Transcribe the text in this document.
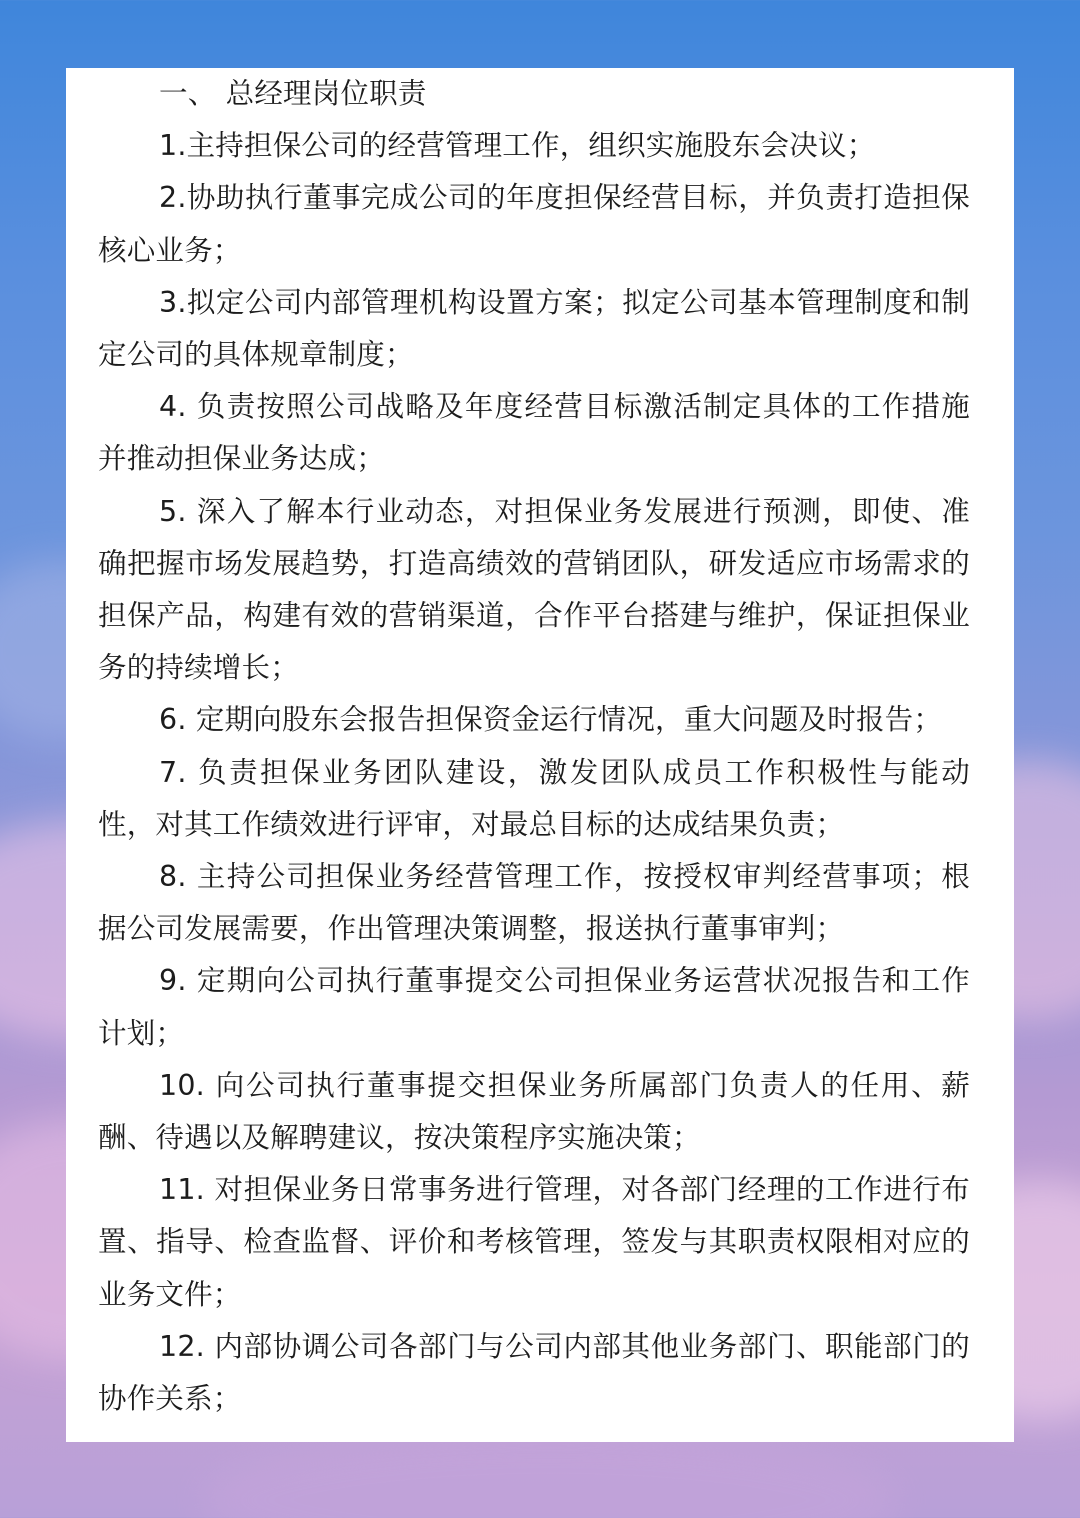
一、 总经理岗位职责

1.主持担保公司的经营管理工作，组织实施股东会决议；

2.协助执行董事完成公司的年度担保经营目标，并负责打造担保核心业务；

3.拟定公司内部管理机构设置方案；拟定公司基本管理制度和制定公司的具体规章制度；

4. 负责按照公司战略及年度经营目标激活制定具体的工作措施并推动担保业务达成；

5. 深入了解本行业动态，对担保业务发展进行预测，即使、准确把握市场发展趋势，打造高绩效的营销团队，研发适应市场需求的担保产品，构建有效的营销渠道，合作平台搭建与维护，保证担保业务的持续增长；

6. 定期向股东会报告担保资金运行情况，重大问题及时报告；

7. 负责担保业务团队建设，激发团队成员工作积极性与能动性，对其工作绩效进行评审，对最总目标的达成结果负责；

8. 主持公司担保业务经营管理工作，按授权审判经营事项；根据公司发展需要，作出管理决策调整，报送执行董事审判；

9. 定期向公司执行董事提交公司担保业务运营状况报告和工作计划；

10. 向公司执行董事提交担保业务所属部门负责人的任用、薪酬、待遇以及解聘建议，按决策程序实施决策；

11. 对担保业务日常事务进行管理，对各部门经理的工作进行布置、指导、检查监督、评价和考核管理，签发与其职责权限相对应的业务文件；

12. 内部协调公司各部门与公司内部其他业务部门、职能部门的协作关系；
